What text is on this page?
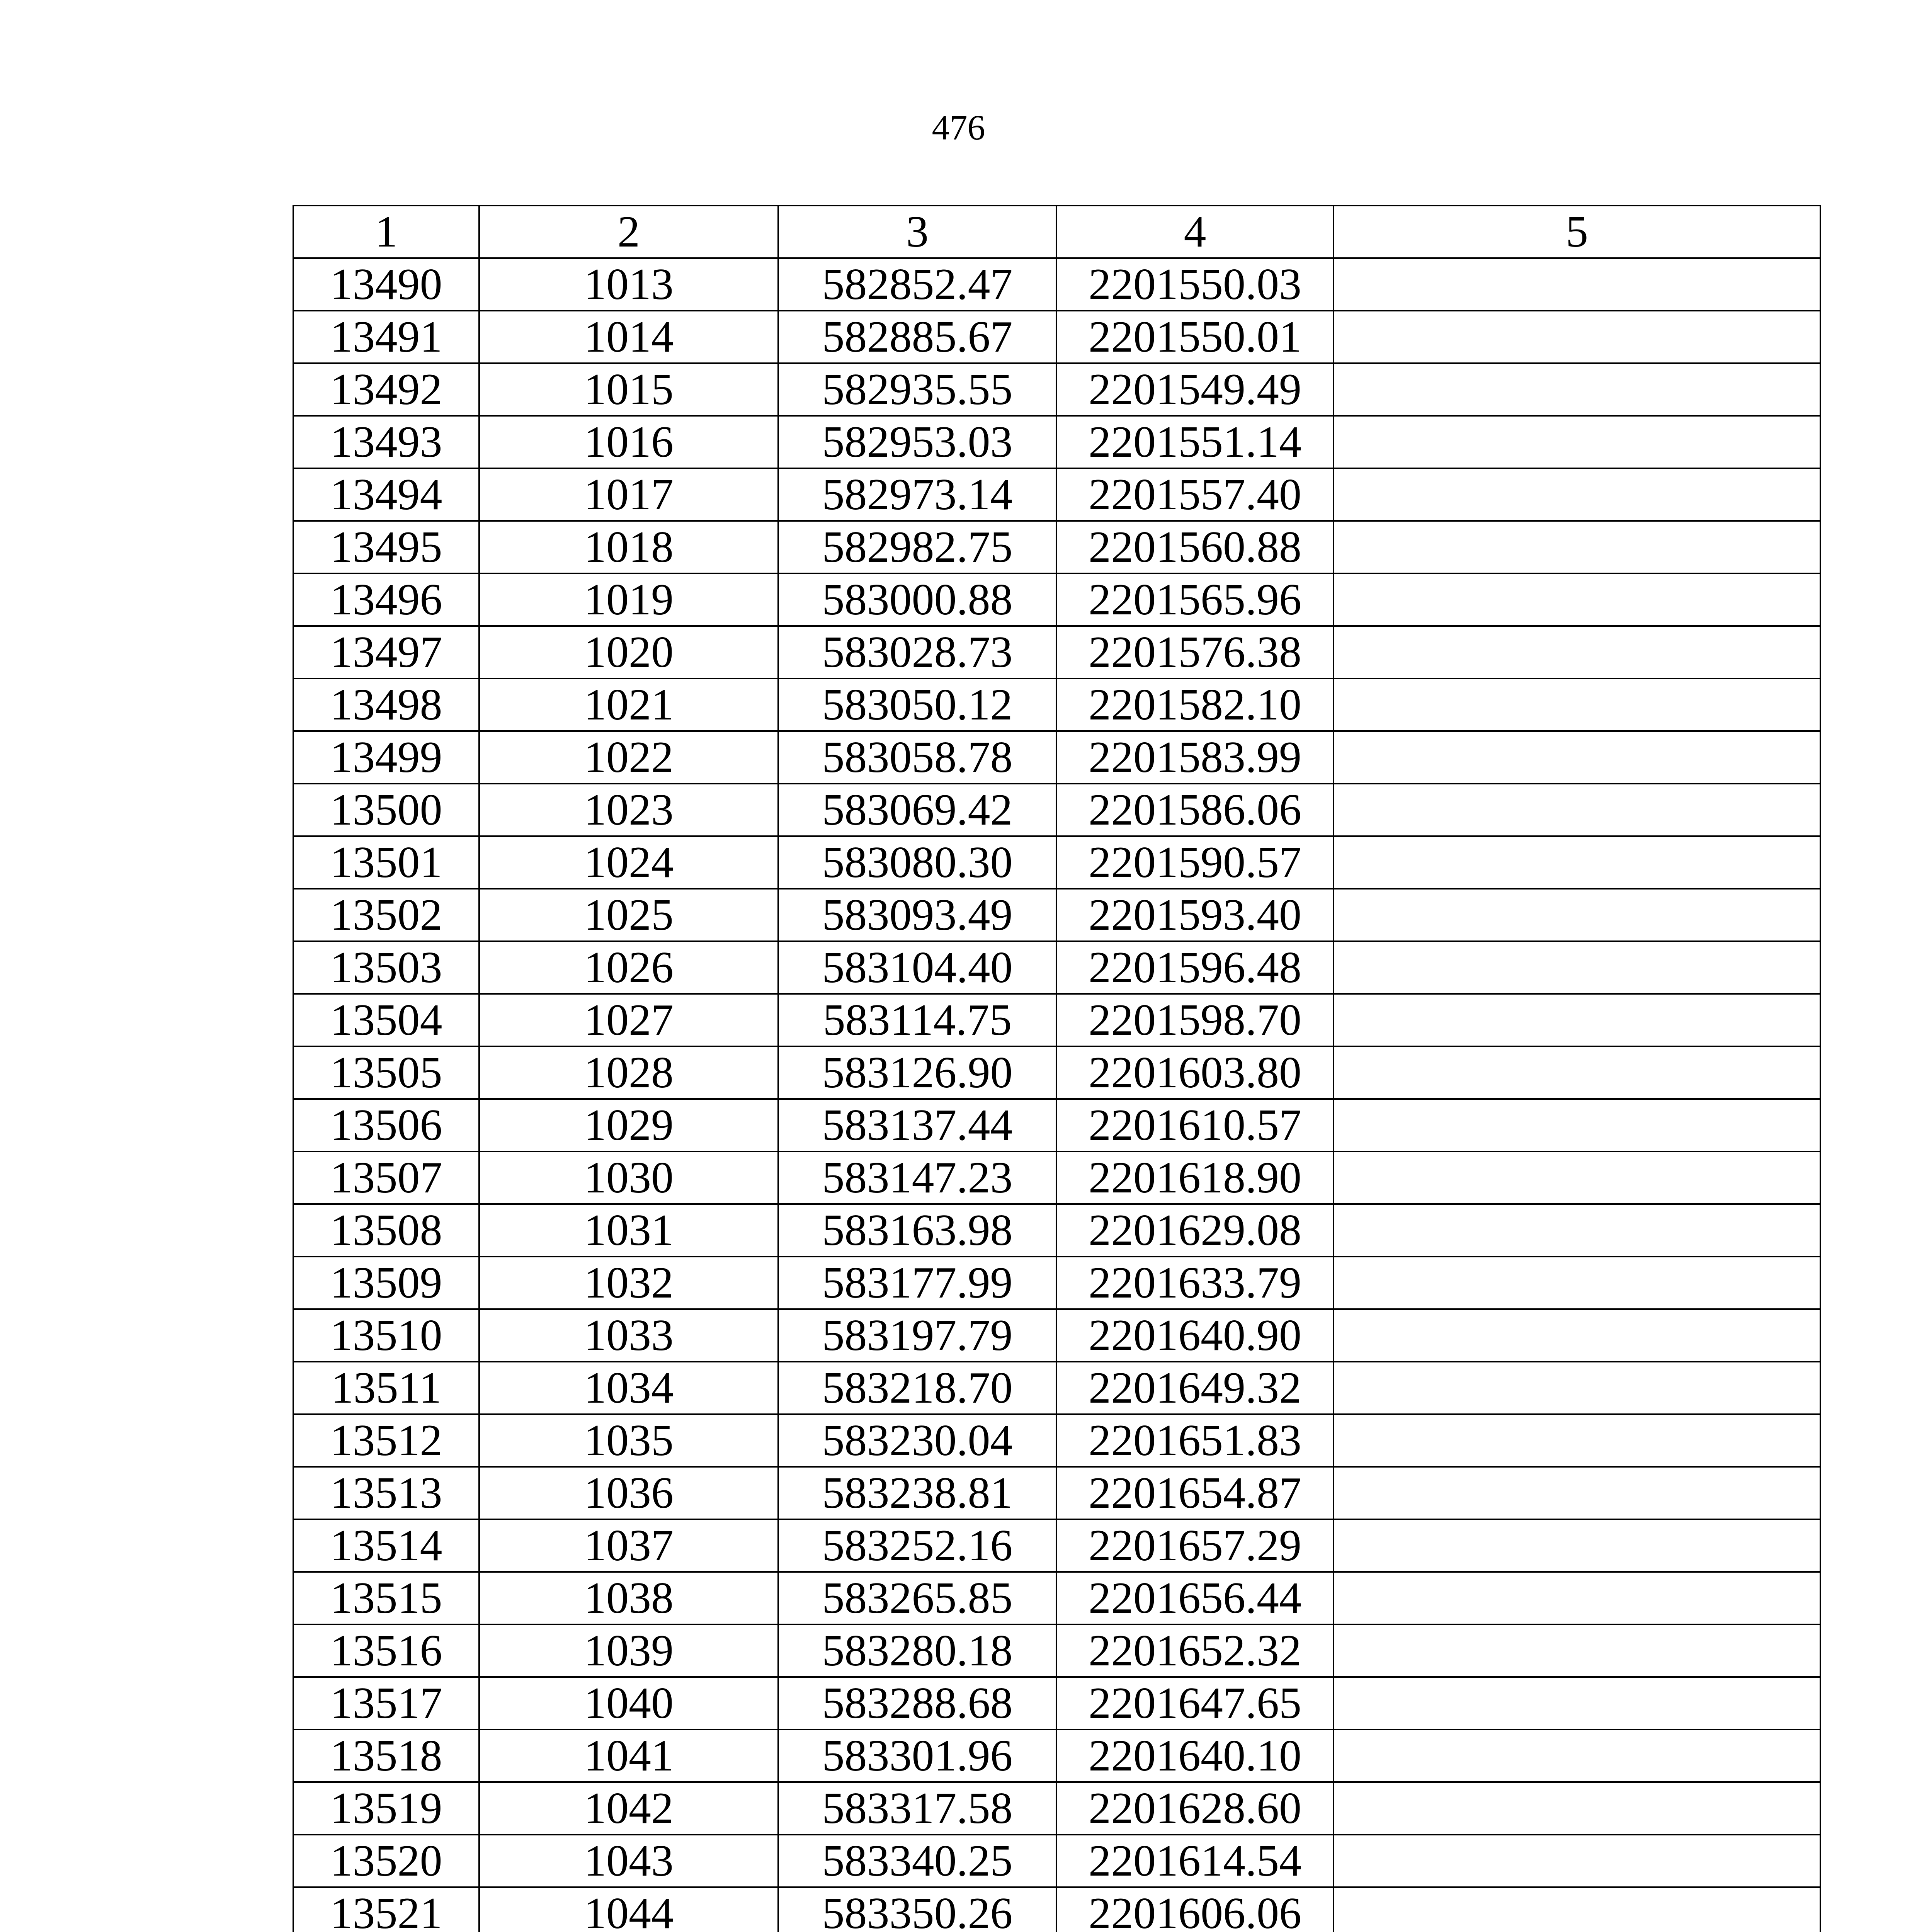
476
1	2	3	4	5
13490	1013	582852.47	2201550.03	
13491	1014	582885.67	2201550.01	
13492	1015	582935.55	2201549.49	
13493	1016	582953.03	2201551.14	
13494	1017	582973.14	2201557.40	
13495	1018	582982.75	2201560.88	
13496	1019	583000.88	2201565.96	
13497	1020	583028.73	2201576.38	
13498	1021	583050.12	2201582.10	
13499	1022	583058.78	2201583.99	
13500	1023	583069.42	2201586.06	
13501	1024	583080.30	2201590.57	
13502	1025	583093.49	2201593.40	
13503	1026	583104.40	2201596.48	
13504	1027	583114.75	2201598.70	
13505	1028	583126.90	2201603.80	
13506	1029	583137.44	2201610.57	
13507	1030	583147.23	2201618.90	
13508	1031	583163.98	2201629.08	
13509	1032	583177.99	2201633.79	
13510	1033	583197.79	2201640.90	
13511	1034	583218.70	2201649.32	
13512	1035	583230.04	2201651.83	
13513	1036	583238.81	2201654.87	
13514	1037	583252.16	2201657.29	
13515	1038	583265.85	2201656.44	
13516	1039	583280.18	2201652.32	
13517	1040	583288.68	2201647.65	
13518	1041	583301.96	2201640.10	
13519	1042	583317.58	2201628.60	
13520	1043	583340.25	2201614.54	
13521	1044	583350.26	2201606.06	
